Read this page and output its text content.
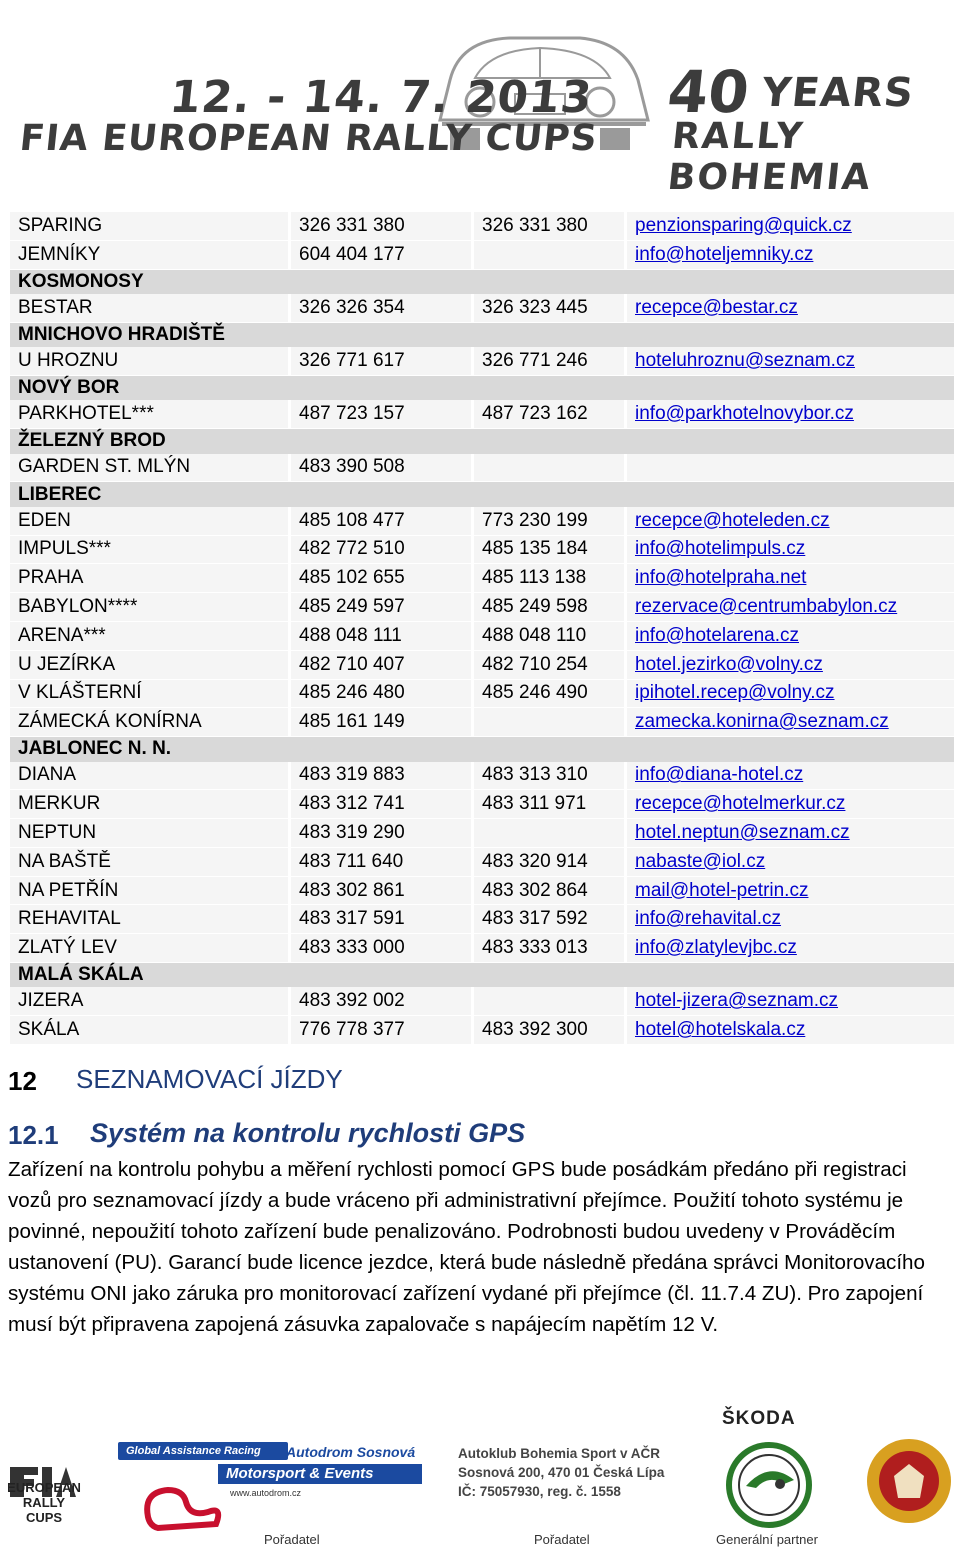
12. - 14. 7. 2013
FIA EUROPEAN RALLY CUPS
40 YEARS
RALLY BOHEMIA
SPARING	326 331 380	326 331 380	penzionsparing@quick.cz
JEMNÍKY	604 404 177		info@hoteljemniky.cz
KOSMONOSY			
BESTAR	326 326 354	326 323 445	recepce@bestar.cz
MNICHOVO HRADIŠTĚ			
U HROZNU	326 771 617	326 771 246	hoteluhroznu@seznam.cz
NOVÝ BOR			
PARKHOTEL***	487 723 157	487 723 162	info@parkhotelnovybor.cz
ŽELEZNÝ BROD			
GARDEN ST. MLÝN	483 390 508		
LIBEREC			
EDEN	485 108 477	773 230 199	recepce@hoteleden.cz
IMPULS***	482 772 510	485 135 184	info@hotelimpuls.cz
PRAHA	485 102 655	485 113 138	info@hotelpraha.net
BABYLON****	485 249 597	485 249 598	rezervace@centrumbabylon.cz
ARENA***	488 048 111	488 048 110	info@hotelarena.cz
U JEZÍRKA	482 710 407	482 710 254	hotel.jezirko@volny.cz
V KLÁŠTERNÍ	485 246 480	485 246 490	ipihotel.recep@volny.cz
ZÁMECKÁ KONÍRNA	485 161 149		zamecka.konirna@seznam.cz
JABLONEC N. N.			
DIANA	483 319 883	483 313 310	info@diana-hotel.cz
MERKUR	483 312 741	483 311 971	recepce@hotelmerkur.cz
NEPTUN	483 319 290		hotel.neptun@seznam.cz
NA BAŠTĚ	483 711 640	483 320 914	nabaste@iol.cz
NA PETŘÍN	483 302 861	483 302 864	mail@hotel-petrin.cz
REHAVITAL	483 317 591	483 317 592	info@rehavital.cz
ZLATÝ LEV	483 333 000	483 333 013	info@zlatylevjbc.cz
MALÁ SKÁLA			
JIZERA	483 392 002		hotel-jizera@seznam.cz
SKÁLA	776 778 377	483 392 300	hotel@hotelskala.cz
12 SEZNAMOVACÍ JÍZDY
12.1 Systém na kontrolu rychlosti GPS
Zařízení na kontrolu pohybu a měření rychlosti pomocí GPS bude posádkám předáno při registraci vozů pro seznamovací jízdy a bude vráceno při administrativní přejímce. Použití tohoto systému je povinné, nepoužití tohoto zařízení bude penalizováno. Podrobnosti budou uvedeny v Prováděcím ustanovení (PU). Garancí bude licence jezdce, která bude následně předána správci Monitorovacího systému ONI jako záruka pro monitorovací zařízení vydané při přejímce (čl. 11.7.4 ZU). Pro zapojení musí být připravena zapojená zásuvka zapalovače s napájecím napětím 12 V.
EUROPEAN
RALLY CUPS
Global Assistance Racing Arena
Autodrom Sosnová
Motorsport & Events
www.autodrom.cz
Pořadatel
Autoklub Bohemia Sport v AČR
Sosnová 200, 470 01 Česká Lípa
IČ: 75057930, reg. č. 1558
Pořadatel
ŠKODA
Generální partner
